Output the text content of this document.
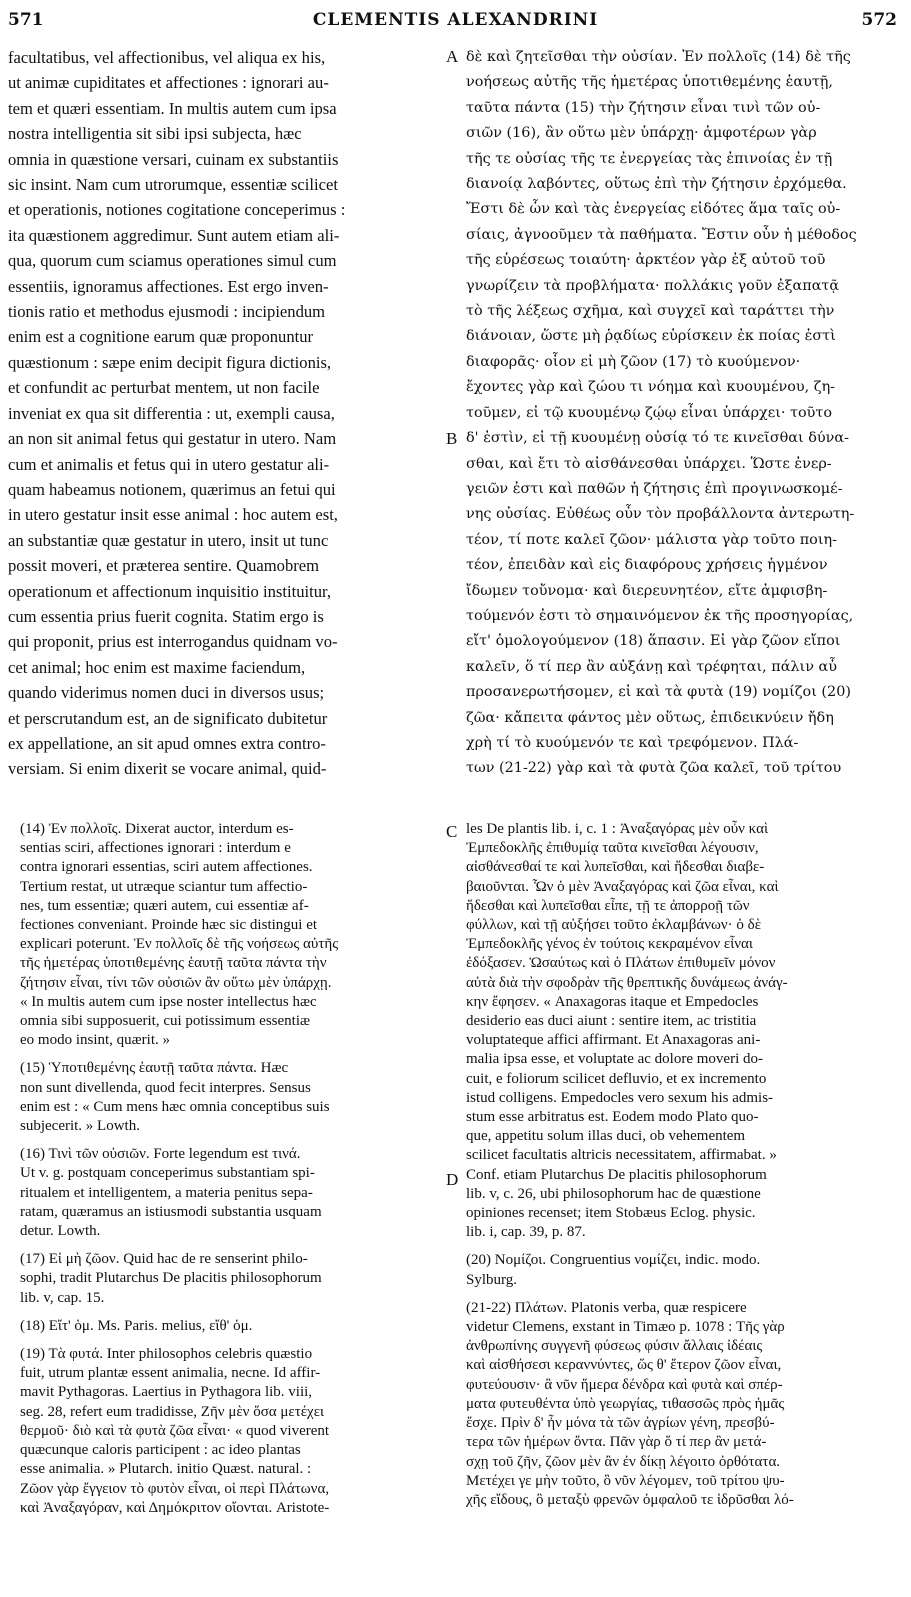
571	CLEMENTIS ALEXANDRINI	572
facultatibus, vel affectionibus, vel aliqua ex his,
ut animæ cupiditates et affectiones : ignorari au-
tem et quæri essentiam. In multis autem cum ipsa
nostra intelligentia sit sibi ipsi subjecta, hæc
omnia in quæstione versari, cuinam ex substantiis
sic insint. Nam cum utrorumque, essentiæ scilicet
et operationis, notiones cogitatione conceperimus :
ita quæstionem aggredimur. Sunt autem etiam ali-
qua, quorum cum sciamus operationes simul cum
essentiis, ignoramus affectiones. Est ergo inven-
tionis ratio et methodus ejusmodi : incipiendum
enim est a cognitione earum quæ proponuntur
quæstionum : sæpe enim decipit figura dictionis,
et confundit ac perturbat mentem, ut non facile
inveniat ex qua sit differentia : ut, exempli causa,
an non sit animal fetus qui gestatur in utero. Nam
cum et animalis et fetus qui in utero gestatur ali-
quam habeamus notionem, quærimus an fetui qui
in utero gestatur insit esse animal : hoc autem est,
an substantiæ quæ gestatur in utero, insit ut tunc
possit moveri, et præterea sentire. Quamobrem
operationum et affectionum inquisitio instituitur,
cum essentia prius fuerit cognita. Statim ergo is
qui proponit, prius est interrogandus quidnam vo-
cet animal; hoc enim est maxime faciendum,
quando viderimus nomen duci in diversos usus;
et perscrutandum est, an de significato dubitetur
ex appellatione, an sit apud omnes extra contro-
versiam. Si enim dixerit se vocare animal, quid-
δὲ καὶ ζητεῖσθαι τὴν οὐσίαν. Ἐν πολλοῖς (14) δὲ τῆς
νοήσεως αὐτῆς τῆς ἡμετέρας ὑποτιθεμένης ἑαυτῇ,
ταῦτα πάντα (15) τὴν ζήτησιν εἶναι τινὶ τῶν οὐ-
σιῶν (16), ἂν οὕτω μὲν ὑπάρχῃ· ἀμφοτέρων γὰρ
τῆς τε οὐσίας τῆς τε ἐνεργείας τὰς ἐπινοίας ἐν τῇ
διανοίᾳ λαβόντες, οὕτως ἐπὶ τὴν ζήτησιν ἐρχόμεθα.
Ἔστι δὲ ὧν καὶ τὰς ἐνεργείας εἰδότες ἅμα ταῖς οὐ-
σίαις, ἀγνοοῦμεν τὰ παθήματα. Ἔστιν οὖν ἡ μέθοδος
τῆς εὑρέσεως τοιαύτη· ἀρκτέον γὰρ ἐξ αὐτοῦ τοῦ
γνωρίζειν τὰ προβλήματα· πολλάκις γοῦν ἐξαπατᾷ
τὸ τῆς λέξεως σχῆμα, καὶ συγχεῖ καὶ ταράττει τὴν
διάνοιαν, ὥστε μὴ ῥᾳδίως εὑρίσκειν ἐκ ποίας ἐστὶ
διαφορᾶς· οἷον εἰ μὴ ζῶον (17) τὸ κυούμενον·
ἔχοντες γὰρ καὶ ζώου τι νόημα καὶ κυουμένου, ζη-
τοῦμεν, εἰ τῷ κυουμένῳ ζῴῳ εἶναι ὑπάρχει· τοῦτο
δ' ἐστὶν, εἰ τῇ κυουμένῃ οὐσίᾳ τό τε κινεῖσθαι δύνα-
σθαι, καὶ ἔτι τὸ αἰσθάνεσθαι ὑπάρχει. Ὥστε ἐνερ-
γειῶν ἐστι καὶ παθῶν ἡ ζήτησις ἐπὶ προγινωσκομέ-
νης οὐσίας. Εὐθέως οὖν τὸν προβάλλοντα ἀντερωτη-
τέον, τί ποτε καλεῖ ζῶον· μάλιστα γὰρ τοῦτο ποιη-
τέον, ἐπειδὰν καὶ εἰς διαφόρους χρήσεις ἡγμένον
ἴδωμεν τοὔνομα· καὶ διερευνητέον, εἴτε ἀμφισβη-
τούμενόν ἐστι τὸ σημαινόμενον ἐκ τῆς προσηγορίας,
εἴτ' ὁμολογούμενον (18) ἅπασιν. Εἰ γὰρ ζῶον εἴποι
καλεῖν, ὅ τί περ ἂν αὐξάνῃ καὶ τρέφηται, πάλιν αὖ
προσανερωτήσομεν, εἰ καὶ τὰ φυτὰ (19) νομίζοι (20)
ζῶα· κἄπειτα φάντος μὲν οὕτως, ἐπιδεικνύειν ἤδη
χρὴ τί τὸ κυούμενόν τε καὶ τρεφόμενον. Πλά-
των (21-22) γὰρ καὶ τὰ φυτὰ ζῶα καλεῖ, τοῦ τρίτου
A
B
C
D
(14) Ἐν πολλοῖς. Dixerat auctor, interdum es-
sentias sciri, affectiones ignorari : interdum e
contra ignorari essentias, sciri autem affectiones.
Tertium restat, ut utræque sciantur tum affectio-
nes, tum essentiæ; quæri autem, cui essentiæ af-
fectiones conveniant. Proinde hæc sic distingui et
explicari poterunt. Ἐν πολλοῖς δὲ τῆς νοήσεως αὐτῆς
τῆς ἡμετέρας ὑποτιθεμένης ἑαυτῇ ταῦτα πάντα τὴν
ζήτησιν εἶναι, τίνι τῶν οὐσιῶν ἂν οὕτω μὲν ὑπάρχῃ.
« In multis autem cum ipse noster intellectus hæc
omnia sibi supposuerit, cui potissimum essentiæ
eo modo insint, quærit. »
(15) Ὑποτιθεμένης ἑαυτῇ ταῦτα πάντα. Hæc
non sunt divellenda, quod fecit interpres. Sensus
enim est : « Cum mens hæc omnia conceptibus suis
subjecerit. » Lowth.
(16) Τινὶ τῶν οὐσιῶν. Forte legendum est τινά.
Ut v. g. postquam conceperimus substantiam spi-
ritualem et intelligentem, a materia penitus sepa-
ratam, quæramus an istiusmodi substantia usquam
detur. Lowth.
(17) Εἰ μὴ ζῶον. Quid hac de re senserint philo-
sophi, tradit Plutarchus De placitis philosophorum
lib. v, cap. 15.
(18) Εἴτ' ὁμ. Ms. Paris. melius, εἴθ' ὁμ.
(19) Τὰ φυτά. Inter philosophos celebris quæstio
fuit, utrum plantæ essent animalia, necne. Id affir-
mavit Pythagoras. Laertius in Pythagora lib. viii,
seg. 28, refert eum tradidisse, Ζῆν μὲν ὅσα μετέχει
θερμοῦ· διὸ καὶ τὰ φυτὰ ζῶα εἶναι· « quod viverent
quæcunque caloris participent : ac ideo plantas
esse animalia. » Plutarch. initio Quæst. natural. :
Ζῶον γὰρ ἔγγειον τὸ φυτὸν εἶναι, οἱ περὶ Πλάτωνα,
καὶ Ἀναξαγόραν, καὶ Δημόκριτον οἴονται. Aristote-
les De plantis lib. i, c. 1 : Ἀναξαγόρας μὲν οὖν καὶ
Ἐμπεδοκλῆς ἐπιθυμίᾳ ταῦτα κινεῖσθαι λέγουσιν,
αἰσθάνεσθαί τε καὶ λυπεῖσθαι, καὶ ἥδεσθαι διαβε-
βαιοῦνται. Ὧν ὁ μὲν Ἀναξαγόρας καὶ ζῶα εἶναι, καὶ
ἥδεσθαι καὶ λυπεῖσθαι εἶπε, τῇ τε ἀπορροῇ τῶν
φύλλων, καὶ τῇ αὐξήσει τοῦτο ἐκλαμβάνων· ὁ δὲ
Ἐμπεδοκλῆς γένος ἐν τούτοις κεκραμένον εἶναι
ἐδόξασεν. Ὡσαύτως καὶ ὁ Πλάτων ἐπιθυμεῖν μόνον
αὐτὰ διὰ τὴν σφοδρὰν τῆς θρεπτικῆς δυνάμεως ἀνάγ-
κην ἔφησεν. « Anaxagoras itaque et Empedocles
desiderio eas duci aiunt : sentire item, ac tristitia
voluptateque affici affirmant. Et Anaxagoras ani-
malia ipsa esse, et voluptate ac dolore moveri do-
cuit, e foliorum scilicet defluvio, et ex incremento
istud colligens. Empedocles vero sexum his admis-
stum esse arbitratus est. Eodem modo Plato quo-
que, appetitu solum illas duci, ob vehementem
scilicet facultatis altricis necessitatem, affirmabat. »
Conf. etiam Plutarchus De placitis philosophorum
lib. v, c. 26, ubi philosophorum hac de quæstione
opiniones recenset; item Stobæus Eclog. physic.
lib. i, cap. 39, p. 87.
(20) Νομίζοι. Congruentius νομίζει, indic. modo.
Sylburg.
(21-22) Πλάτων. Platonis verba, quæ respicere
videtur Clemens, exstant in Timæo p. 1078 : Τῆς γὰρ
ἀνθρωπίνης συγγενῆ φύσεως φύσιν ἄλλαις ἰδέαις
καὶ αἰσθήσεσι κεραννύντες, ὥς θ' ἕτερον ζῶον εἶναι,
φυτεύουσιν· ἃ νῦν ἥμερα δένδρα καὶ φυτὰ καὶ σπέρ-
ματα φυτευθέντα ὑπὸ γεωργίας, τιθασσῶς πρὸς ἡμᾶς
ἔσχε. Πρὶν δ' ἦν μόνα τὰ τῶν ἀγρίων γένη, πρεσβύ-
τερα τῶν ἡμέρων ὄντα. Πᾶν γὰρ ὅ τί περ ἂν μετά-
σχῃ τοῦ ζῆν, ζῶον μὲν ἂν ἐν δίκῃ λέγοιτο ὀρθότατα.
Μετέχει γε μὴν τοῦτο, ὃ νῦν λέγομεν, τοῦ τρίτου ψυ-
χῆς εἴδους, ὃ μεταξὺ φρενῶν ὀμφαλοῦ τε ἱδρῦσθαι λό-
